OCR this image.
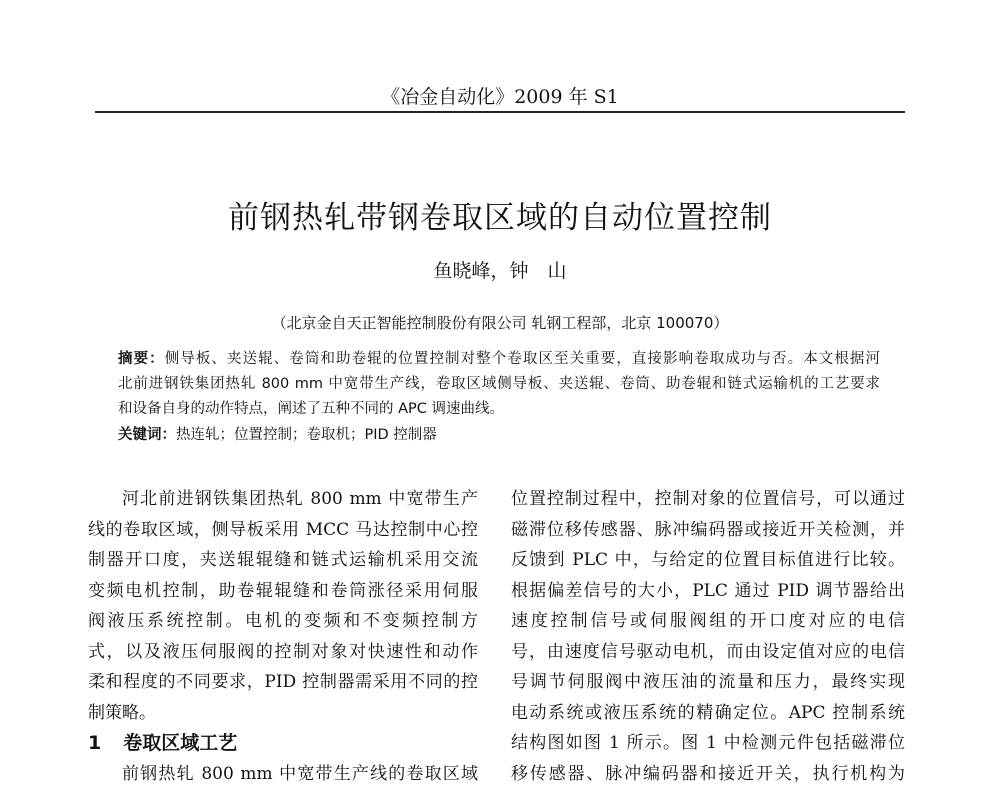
《冶金自动化》2009 年 S1
前钢热轧带钢卷取区域的自动位置控制
鱼晓峰，钟　山
（北京金自天正智能控制股份有限公司 轧钢工程部，北京 100070）
摘要：侧导板、夹送辊、卷筒和助卷辊的位置控制对整个卷取区至关重要，直接影响卷取成功与否。本文根据河
北前进钢铁集团热轧 800 mm 中宽带生产线，卷取区域侧导板、夹送辊、卷筒、助卷辊和链式运输机的工艺要求
和设备自身的动作特点，阐述了五种不同的 APC 调速曲线。
关键词：热连轧；位置控制；卷取机；PID 控制器
河北前进钢铁集团热轧 800 mm 中宽带生产
线的卷取区域，侧导板采用 MCC 马达控制中心控
制器开口度，夹送辊辊缝和链式运输机采用交流
变频电机控制，助卷辊辊缝和卷筒涨径采用伺服
阀液压系统控制。电机的变频和不变频控制方
式，以及液压伺服阀的控制对象对快速性和动作
柔和程度的不同要求，PID 控制器需采用不同的控
制策略。
1 卷取区域工艺
前钢热轧 800 mm 中宽带生产线的卷取区域
位置控制过程中，控制对象的位置信号，可以通过
磁滞位移传感器、脉冲编码器或接近开关检测，并
反馈到 PLC 中，与给定的位置目标值进行比较。
根据偏差信号的大小，PLC 通过 PID 调节器给出
速度控制信号或伺服阀组的开口度对应的电信
号，由速度信号驱动电机，而由设定值对应的电信
号调节伺服阀中液压油的流量和压力，最终实现
电动系统或液压系统的精确定位。APC 控制系统
结构图如图 1 所示。图 1 中检测元件包括磁滞位
移传感器、脉冲编码器和接近开关，执行机构为
